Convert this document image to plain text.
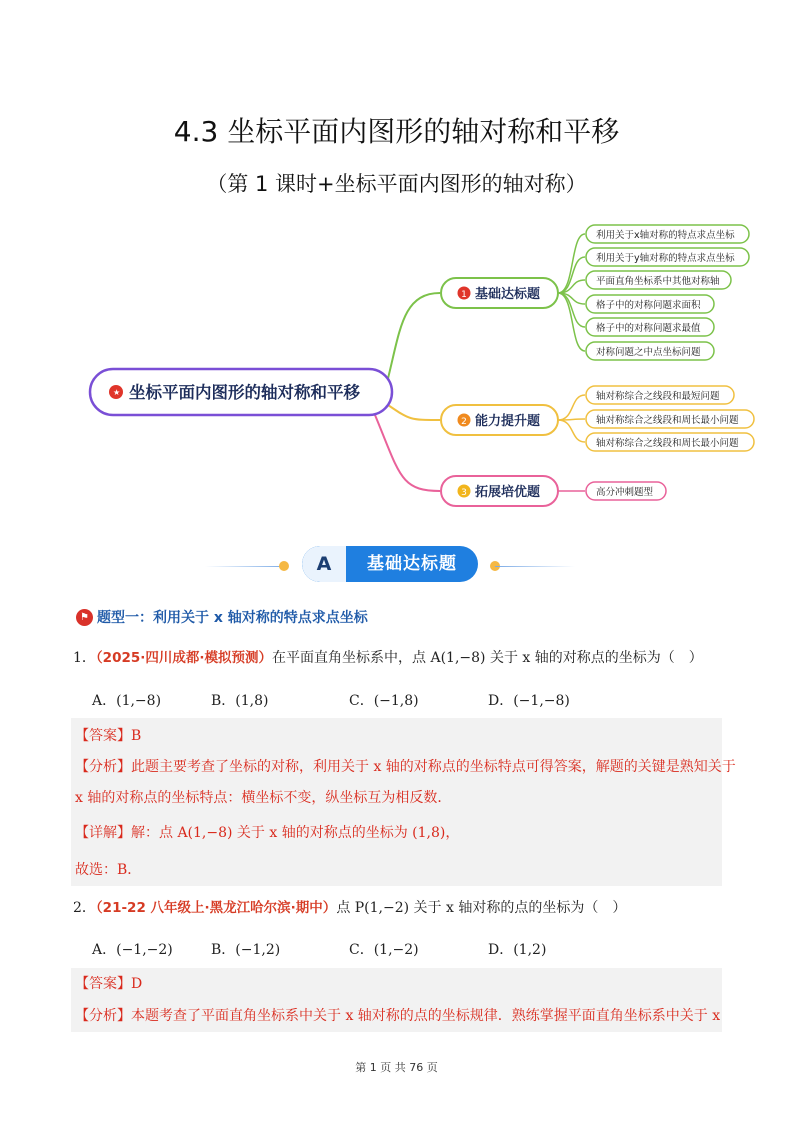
4.3 坐标平面内图形的轴对称和平移
（第 1 课时+坐标平面内图形的轴对称）
★ 坐标平面内图形的轴对称和平移
1 基础达标题
2 能力提升题
3 拓展培优题
利用关于x轴对称的特点求点坐标
利用关于y轴对称的特点求点坐标
平面直角坐标系中其他对称轴
格子中的对称问题求面积
格子中的对称问题求最值
对称问题之中点坐标问题
轴对称综合之线段和最短问题
轴对称综合之线段和周长最小问题
轴对称综合之线段和周长最小问题
高分冲刺题型
A	基础达标题
⚑ 题型一：利用关于 x 轴对称的特点求点坐标
1．（2025·四川成都·模拟预测）在平面直角坐标系中，点 A(1,−8) 关于 x 轴的对称点的坐标为（　）
A．(1,−8)	B．(1,8)	C．(−1,8)	D．(−1,−8)
【答案】B
【分析】此题主要考查了坐标的对称，利用关于 x 轴的对称点的坐标特点可得答案，解题的关键是熟知关于
x 轴的对称点的坐标特点：横坐标不变，纵坐标互为相反数．
【详解】解：点 A(1,−8) 关于 x 轴的对称点的坐标为 (1,8)，
故选：B．
2．（21-22 八年级上·黑龙江哈尔滨·期中）点 P(1,−2) 关于 x 轴对称的点的坐标为（　）
A．(−1,−2)	B．(−1,2)	C．(1,−2)	D．(1,2)
【答案】D
【分析】本题考查了平面直角坐标系中关于 x 轴对称的点的坐标规律．熟练掌握平面直角坐标系中关于 x
第 1 页 共 76 页
